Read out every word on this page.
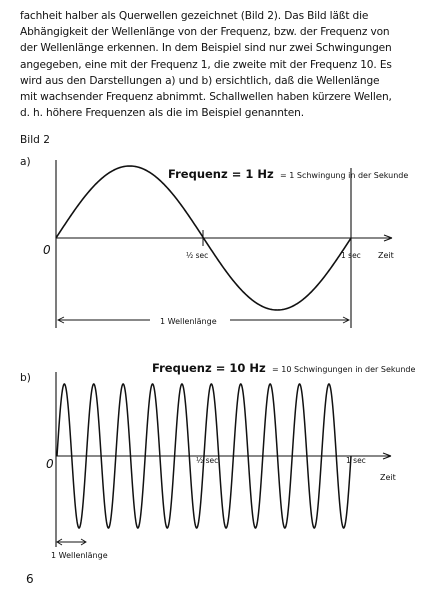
fachheit halber als Querwellen gezeichnet (Bild 2). Das Bild läßt die
Abhängigkeit der Wellenlänge von der Frequenz, bzw. der Frequenz von
der Wellenlänge erkennen. In dem Beispiel sind nur zwei Schwingungen
angegeben, eine mit der Frequenz 1, die zweite mit der Frequenz 10. Es
wird aus den Darstellungen a) und b) ersichtlich, daß die Wellenlänge
mit wachsender Frequenz abnimmt. Schallwellen haben kürzere Wellen,
d. h. höhere Frequenzen als die im Beispiel genannten.
Bild 2
a)
Frequenz = 1 Hz = 1 Schwingung in der Sekunde
0	½ sec	1 sec Zeit
1 Wellenlänge
b)
Frequenz = 10 Hz = 10 Schwingungen in der Sekunde
0	½ sec	1 sec
Zeit
1 Wellenlänge
6
